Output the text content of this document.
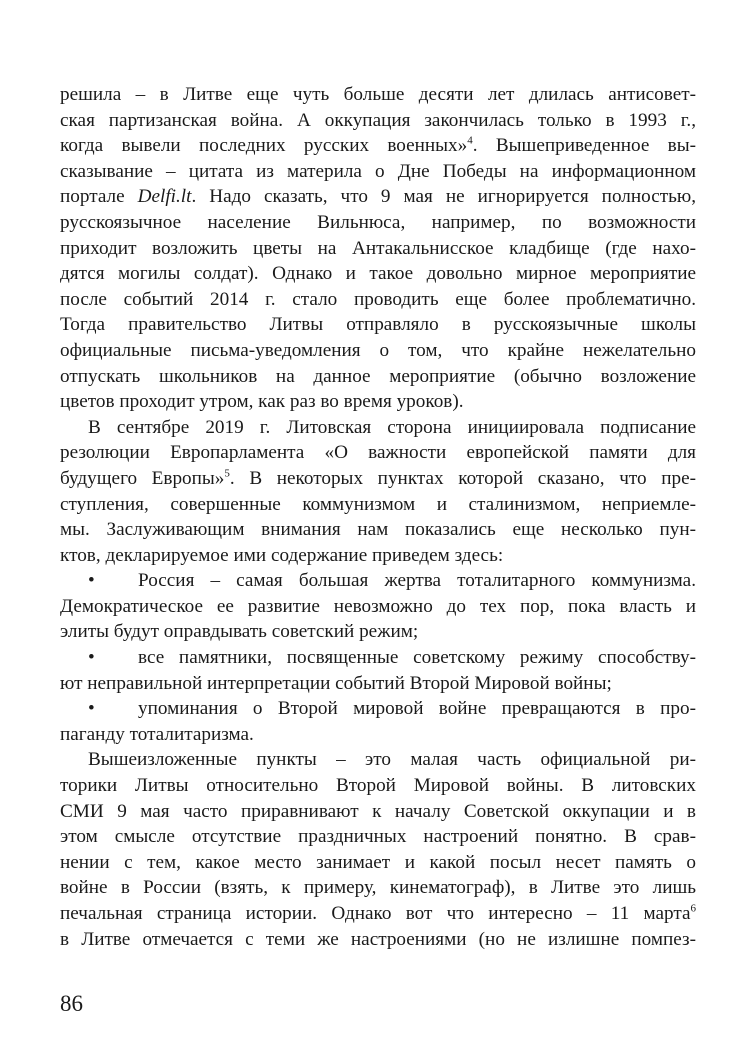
решила – в Литве еще чуть больше десяти лет длилась антисовет-
ская партизанская война. А оккупация закончилась только в 1993 г.,
когда вывели последних русских военных»$^4$. Вышеприведенное вы-
сказывание – цитата из материла о Дне Победы на информационном
портале Delfi.lt. Надо сказать, что 9 мая не игнорируется полностью,
русскоязычное население Вильнюса, например, по возможности
приходит возложить цветы на Антакальнисское кладбище (где нахо-
дятся могилы солдат). Однако и такое довольно мирное мероприятие
после событий 2014 г. стало проводить еще более проблематично.
Тогда правительство Литвы отправляло в русскоязычные школы
официальные письма-уведомления о том, что крайне нежелательно
отпускать школьников на данное мероприятие (обычно возложение
цветов проходит утром, как раз во время уроков).
В сентябре 2019 г. Литовская сторона инициировала подписание
резолюции Европарламента «О важности европейской памяти для
будущего Европы»$^5$. В некоторых пунктах которой сказано, что пре-
ступления, совершенные коммунизмом и сталинизмом, неприемле-
мы. Заслуживающим внимания нам показались еще несколько пун-
ктов, декларируемое ими содержание приведем здесь:
• Россия – самая большая жертва тоталитарного коммунизма.
Демократическое ее развитие невозможно до тех пор, пока власть и
элиты будут оправдывать советский режим;
• все памятники, посвященные советскому режиму способству-
ют неправильной интерпретации событий Второй Мировой войны;
• упоминания о Второй мировой войне превращаются в про-
паганду тоталитаризма.
Вышеизложенные пункты – это малая часть официальной ри-
торики Литвы относительно Второй Мировой войны. В литовских
СМИ 9 мая часто приравнивают к началу Советской оккупации и в
этом смысле отсутствие праздничных настроений понятно. В срав-
нении с тем, какое место занимает и какой посыл несет память о
войне в России (взять, к примеру, кинематограф), в Литве это лишь
печальная страница истории. Однако вот что интересно – 11 марта$^6$
в Литве отмечается с теми же настроениями (но не излишне помпез-
86
